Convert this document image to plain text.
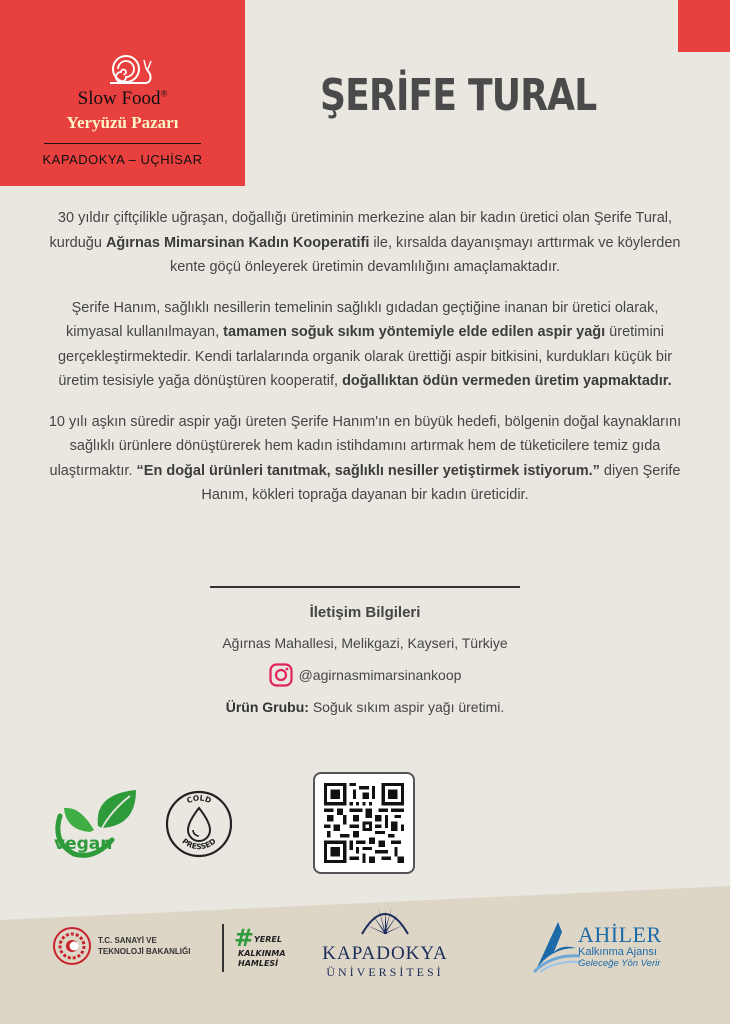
Slow Food®
Yeryüzü Pazarı
KAPADOKYA – UÇHİSAR
ŞERİFE TURAL

30 yıldır çiftçilikle uğraşan, doğallığı üretiminin merkezine alan bir kadın üretici olan Şerife Tural, kurduğu Ağırnas Mimarsinan Kadın Kooperatifi ile, kırsalda dayanışmayı arttırmak ve köylerden kente göçü önleyerek üretimin devamlılığını amaçlamaktadır.

Şerife Hanım, sağlıklı nesillerin temelinin sağlıklı gıdadan geçtiğine inanan bir üretici olarak, kimyasal kullanılmayan, tamamen soğuk sıkım yöntemiyle elde edilen aspir yağı üretimini gerçekleştirmektedir. Kendi tarlalarında organik olarak ürettiği aspir bitkisini, kurdukları küçük bir üretim tesisiyle yağa dönüştüren kooperatif, doğallıktan ödün vermeden üretim yapmaktadır.

10 yılı aşkın süredir aspir yağı üreten Şerife Hanım'ın en büyük hedefi, bölgenin doğal kaynaklarını sağlıklı ürünlere dönüştürerek hem kadın istihdamını artırmak hem de tüketicilere temiz gıda ulaştırmaktır. “En doğal ürünleri tanıtmak, sağlıklı nesiller yetiştirmek istiyorum.” diyen Şerife Hanım, kökleri toprağa dayanan bir kadın üreticidir.

İletişim Bilgileri
Ağırnas Mahallesi, Melikgazi, Kayseri, Türkiye
@agirnasmimarsinankoop
Ürün Grubu: Soğuk sıkım aspir yağı üretimi.
vegan
COLD
PRESSED
T.C. SANAYİ VE
TEKNOLOJİ BAKANLIĞI # YEREL
KALKINMA
HAMLESİ KAPADOKYA
ÜNİVERSİTESİ
AHİLER
Kalkınma Ajansı
Geleceğe Yön Verir
